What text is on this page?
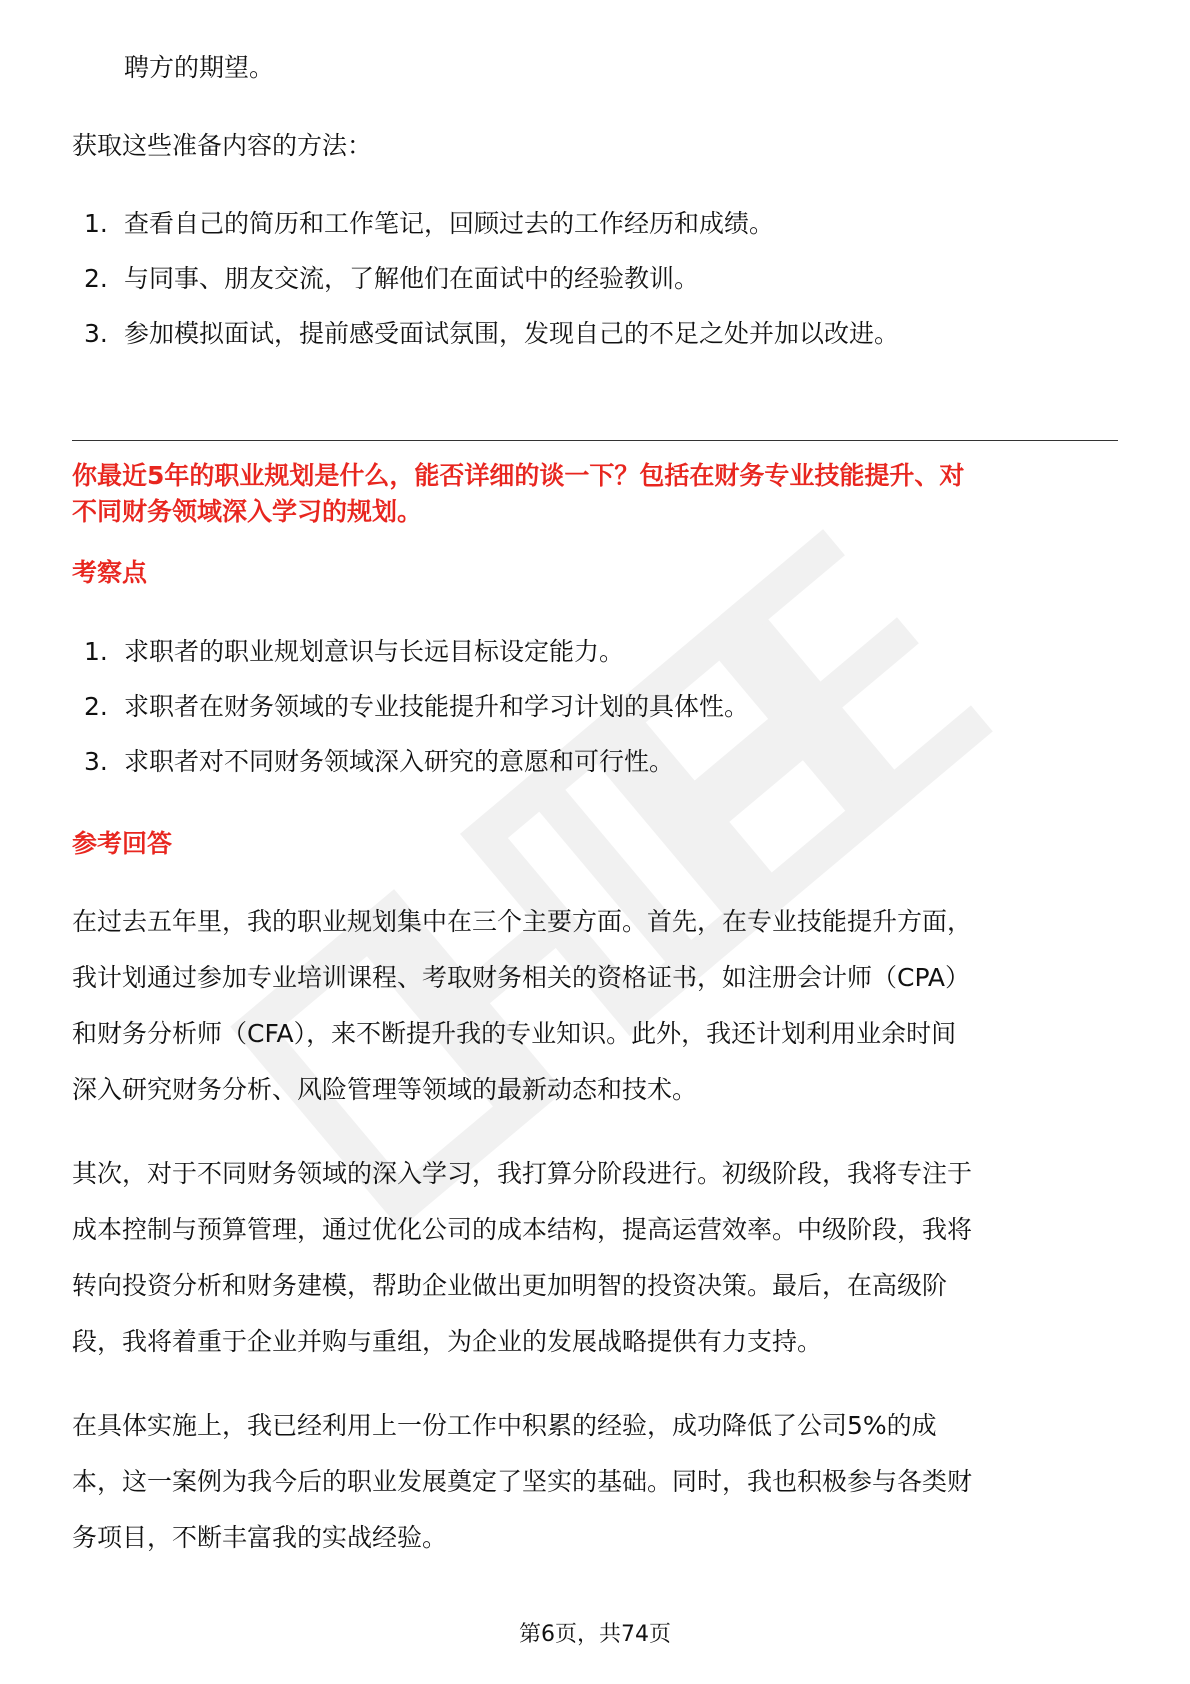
聘方的期望。
获取这些准备内容的方法：
1. 查看自己的简历和工作笔记，回顾过去的工作经历和成绩。
2. 与同事、朋友交流，了解他们在面试中的经验教训。
3. 参加模拟面试，提前感受面试氛围，发现自己的不足之处并加以改进。
你最近5年的职业规划是什么，能否详细的谈一下？包括在财务专业技能提升、对
不同财务领域深入学习的规划。
考察点
1. 求职者的职业规划意识与长远目标设定能力。
2. 求职者在财务领域的专业技能提升和学习计划的具体性。
3. 求职者对不同财务领域深入研究的意愿和可行性。
参考回答
在过去五年里，我的职业规划集中在三个主要方面。首先，在专业技能提升方面，
我计划通过参加专业培训课程、考取财务相关的资格证书，如注册会计师（CPA）
和财务分析师（CFA），来不断提升我的专业知识。此外，我还计划利用业余时间
深入研究财务分析、风险管理等领域的最新动态和技术。
其次，对于不同财务领域的深入学习，我打算分阶段进行。初级阶段，我将专注于
成本控制与预算管理，通过优化公司的成本结构，提高运营效率。中级阶段，我将
转向投资分析和财务建模，帮助企业做出更加明智的投资决策。最后，在高级阶
段，我将着重于企业并购与重组，为企业的发展战略提供有力支持。
在具体实施上，我已经利用上一份工作中积累的经验，成功降低了公司5%的成
本，这一案例为我今后的职业发展奠定了坚实的基础。同时，我也积极参与各类财
务项目，不断丰富我的实战经验。
第6页，共74页
